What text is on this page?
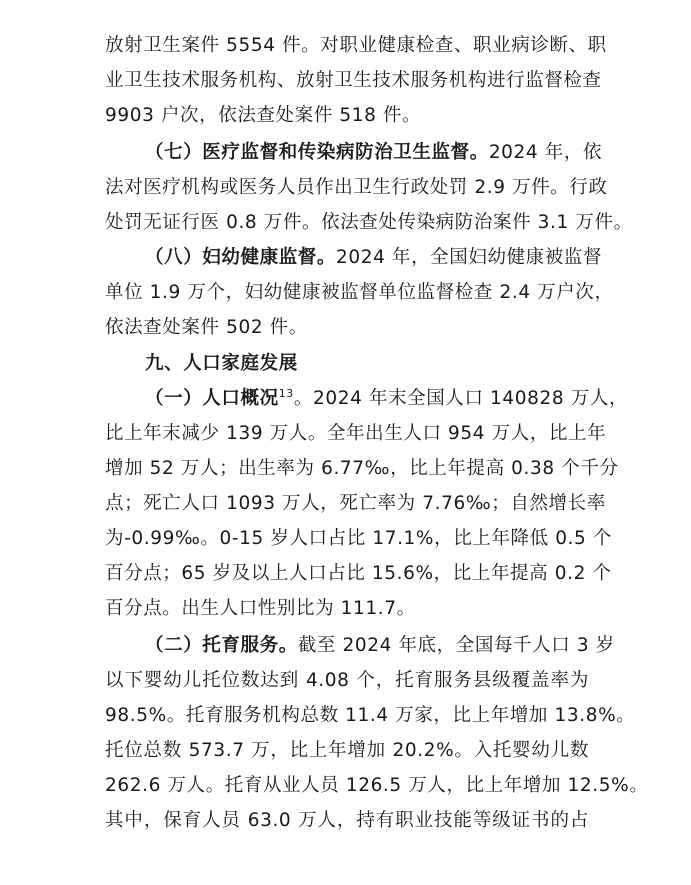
放射卫生案件 5554 件。对职业健康检查、职业病诊断、职
业卫生技术服务机构、放射卫生技术服务机构进行监督检查
9903 户次，依法查处案件 518 件。
（七）医疗监督和传染病防治卫生监督。2024 年，依
法对医疗机构或医务人员作出卫生行政处罚 2.9 万件。行政
处罚无证行医 0.8 万件。依法查处传染病防治案件 3.1 万件。
（八）妇幼健康监督。2024 年，全国妇幼健康被监督
单位 1.9 万个，妇幼健康被监督单位监督检查 2.4 万户次，
依法查处案件 502 件。
九、人口家庭发展
（一）人口概况$^{13}$。2024 年末全国人口 140828 万人，
比上年末减少 139 万人。全年出生人口 954 万人，比上年
增加 52 万人；出生率为 6.77‰，比上年提高 0.38 个千分
点；死亡人口 1093 万人，死亡率为 7.76‰；自然增长率
为-0.99‰。0-15 岁人口占比 17.1%，比上年降低 0.5 个
百分点；65 岁及以上人口占比 15.6%，比上年提高 0.2 个
百分点。出生人口性别比为 111.7。
（二）托育服务。截至 2024 年底，全国每千人口 3 岁
以下婴幼儿托位数达到 4.08 个，托育服务县级覆盖率为
98.5%。托育服务机构总数 11.4 万家，比上年增加 13.8%。
托位总数 573.7 万，比上年增加 20.2%。入托婴幼儿数
262.6 万人。托育从业人员 126.5 万人，比上年增加 12.5%。
其中，保育人员 63.0 万人，持有职业技能等级证书的占
